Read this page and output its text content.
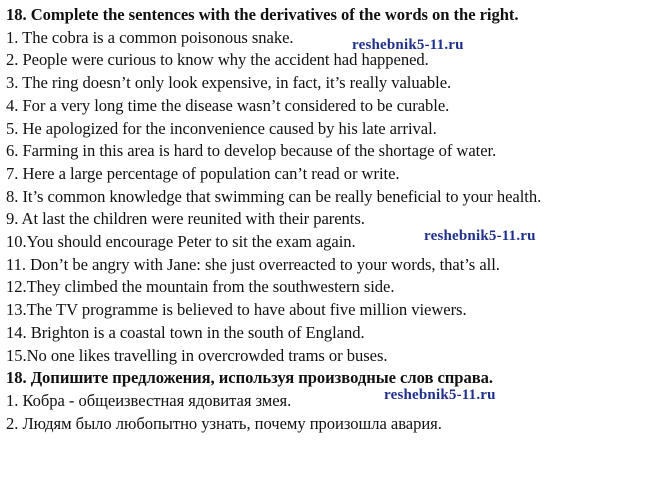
18. Complete the sentences with the derivatives of the words on the right.
1. The cobra is a common poisonous snake.
2. People were curious to know why the accident had happened.
3. The ring doesn’t only look expensive, in fact, it’s really valuable.
4. For a very long time the disease wasn’t considered to be curable.
5. He apologized for the inconvenience caused by his late arrival.
6. Farming in this area is hard to develop because of the shortage of water.
7. Here a large percentage of population can’t read or write.
8. It’s common knowledge that swimming can be really beneficial to your health.
9. At last the children were reunited with their parents.
10.You should encourage Peter to sit the exam again.
11. Don’t be angry with Jane: she just overreacted to your words, that’s all.
12.They climbed the mountain from the southwestern side.
13.The TV programme is believed to have about five million viewers.
14. Brighton is a coastal town in the south of England.
15.No one likes travelling in overcrowded trams or buses.
18. Допишите предложения, используя производные слов справа.
1. Кобра - общеизвестная ядовитая змея.
2. Людям было любопытно узнать, почему произошла авария.
reshebnik5-11.ru
reshebnik5-11.ru
reshebnik5-11.ru
